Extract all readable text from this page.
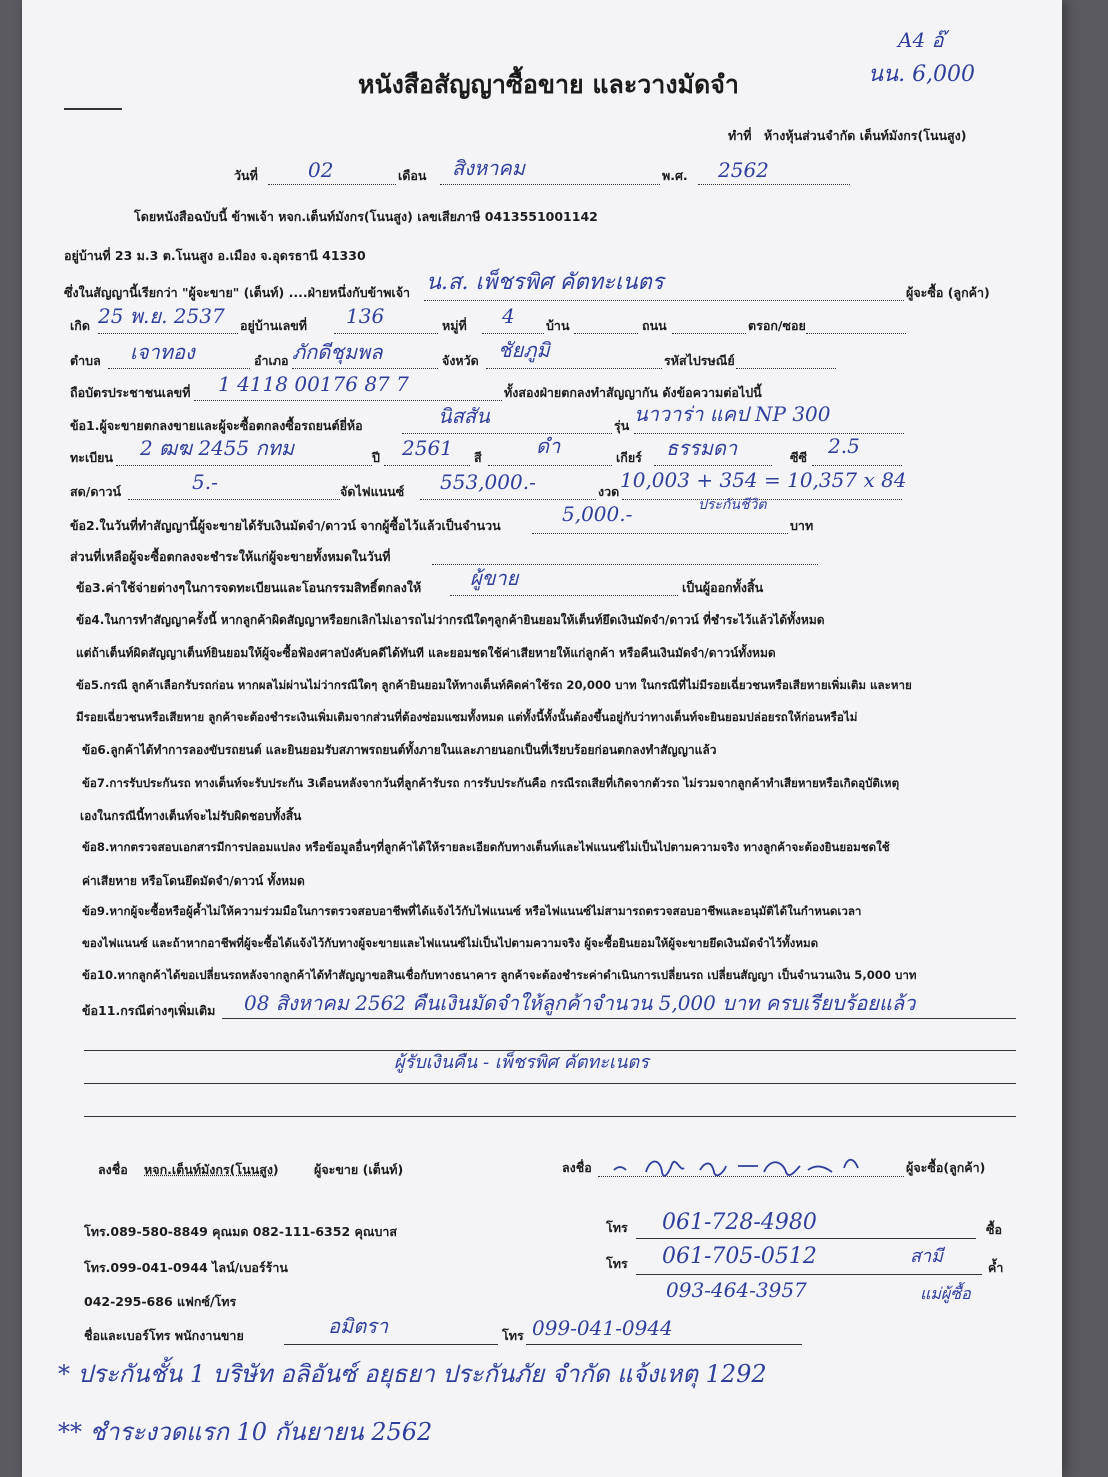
A4 อ๊
นน. 6,000
หนังสือสัญญาซื้อขาย และวางมัดจำ
ทำที่ ห้างหุ้นส่วนจำกัด เต็นท์มังกร(โนนสูง)
วันที่	02	เดือน สิงหาคม	พ.ศ. 2562
โดยหนังสือฉบับนี้ ข้าพเจ้า หจก.เต็นท์มังกร(โนนสูง) เลขเสียภาษี 0413551001142
อยู่บ้านที่ 23 ม.3 ต.โนนสูง อ.เมือง จ.อุดรธานี 41330
ซึ่งในสัญญานี้เรียกว่า "ผู้จะขาย" (เต็นท์) ....ฝ่ายหนึ่งกับข้าพเจ้า น.ส. เพ็ชรพิศ คัตทะเนตร	ผู้จะซื้อ (ลูกค้า)
เกิด 25 พ.ย. 2537 อยู่บ้านเลขที่ 136	หมู่ที่ 4	บ้าน	ถนน	ตรอก/ซอย
ตำบล เจาทอง	อำเภอ ภักดีชุมพล	จังหวัด ชัยภูมิ	รหัสไปรษณีย์
ถือบัตรประชาชนเลขที่ 1 4118 00176 87 7	ทั้งสองฝ่ายตกลงทำสัญญากัน ดังข้อความต่อไปนี้
ข้อ1.ผู้จะขายตกลงขายและผู้จะซื้อตกลงซื้อรถยนต์ยี่ห้อ	นิสสัน	รุ่น นาวาร่า แคป NP 300
ทะเบียน 2 ฒฆ 2455 กทม	ปี 2561 สี	ดำ	เกียร์ ธรรมดา	ซีซี 2.5
สด/ดาวน์	5.-	จัดไฟแนนซ์ 553,000.-	งวด 10,003 + 354 = 10,357 x 84
ประกันชีวิต
ข้อ2.ในวันที่ทำสัญญานี้ผู้จะขายได้รับเงินมัดจำ/ดาวน์ จากผู้ซื้อไว้แล้วเป็นจำนวน	5,000.-	บาท
ส่วนที่เหลือผู้จะซื้อตกลงจะชำระให้แก่ผู้จะขายทั้งหมดในวันที่
ข้อ3.ค่าใช้จ่ายต่างๆในการจดทะเบียนและโอนกรรมสิทธิ์ตกลงให้ ผู้ขาย	เป็นผู้ออกทั้งสิ้น
ข้อ4.ในการทำสัญญาครั้งนี้ หากลูกค้าผิดสัญญาหรือยกเลิกไม่เอารถไม่ว่ากรณีใดๆลูกค้ายินยอมให้เต็นท์ยึดเงินมัดจำ/ดาวน์ ที่ชำระไว้แล้วได้ทั้งหมด
แต่ถ้าเต็นท์ผิดสัญญาเต็นท์ยินยอมให้ผู้จะซื้อฟ้องศาลบังคับคดีได้ทันที และยอมชดใช้ค่าเสียหายให้แก่ลูกค้า หรือคืนเงินมัดจำ/ดาวน์ทั้งหมด
ข้อ5.กรณี ลูกค้าเลือกรับรถก่อน หากผลไม่ผ่านไม่ว่ากรณีใดๆ ลูกค้ายินยอมให้ทางเต็นท์คิดค่าใช้รถ 20,000 บาท ในกรณีที่ไม่มีรอยเฉี่ยวชนหรือเสียหายเพิ่มเติม และหาย
มีรอยเฉี่ยวชนหรือเสียหาย ลูกค้าจะต้องชำระเงินเพิ่มเติมจากส่วนที่ต้องซ่อมแซมทั้งหมด แต่ทั้งนี้ทั้งนั้นต้องขึ้นอยู่กับว่าทางเต็นท์จะยินยอมปล่อยรถให้ก่อนหรือไม่
ข้อ6.ลูกค้าได้ทำการลองขับรถยนต์ และยินยอมรับสภาพรถยนต์ทั้งภายในและภายนอกเป็นที่เรียบร้อยก่อนตกลงทำสัญญาแล้ว
ข้อ7.การรับประกันรถ ทางเต็นท์จะรับประกัน 3เดือนหลังจากวันที่ลูกค้ารับรถ การรับประกันคือ กรณีรถเสียที่เกิดจากตัวรถ ไม่รวมจากลูกค้าทำเสียหายหรือเกิดอุบัติเหตุ
เองในกรณีนี้ทางเต็นท์จะไม่รับผิดชอบทั้งสิ้น
ข้อ8.หากตรวจสอบเอกสารมีการปลอมแปลง หรือข้อมูลอื่นๆที่ลูกค้าได้ให้รายละเอียดกับทางเต็นท์และไฟแนนซ์ไม่เป็นไปตามความจริง ทางลูกค้าจะต้องยินยอมชดใช้
ค่าเสียหาย หรือโดนยึดมัดจำ/ดาวน์ ทั้งหมด
ข้อ9.หากผู้จะซื้อหรือผู้ค้ำไม่ให้ความร่วมมือในการตรวจสอบอาชีพที่ได้แจ้งไว้กับไฟแนนซ์ หรือไฟแนนซ์ไม่สามารถตรวจสอบอาชีพและอนุมัติได้ในกำหนดเวลา
ของไฟแนนซ์ และถ้าหากอาชีพที่ผู้จะซื้อได้แจ้งไว้กับทางผู้จะขายและไฟแนนซ์ไม่เป็นไปตามความจริง ผู้จะซื้อยินยอมให้ผู้จะขายยึดเงินมัดจำไว้ทั้งหมด
ข้อ10.หากลูกค้าได้ขอเปลี่ยนรถหลังจากลูกค้าได้ทำสัญญาขอสินเชื่อกับทางธนาคาร ลูกค้าจะต้องชำระค่าดำเนินการเปลี่ยนรถ เปลี่ยนสัญญา เป็นจำนวนเงิน 5,000 บาท
ข้อ11.กรณีต่างๆเพิ่มเติม 08 สิงหาคม 2562 คืนเงินมัดจำให้ลูกค้าจำนวน 5,000 บาท ครบเรียบร้อยแล้ว
ผู้รับเงินคืน - เพ็ชรพิศ คัตทะเนตร
ลงชื่อ หจก.เต็นท์มังกร(โนนสูง)	ผู้จะขาย (เต็นท์)	ลงชื่อ	ผู้จะซื้อ(ลูกค้า)
โทร.089-580-8849 คุณมด 082-111-6352 คุณบาส
โทร.099-041-0944 ไลน์/เบอร์ร้าน
042-295-686 แฟกซ์/โทร
โทร 061-728-4980	ซื้อ
โทร 061-705-0512	สามี
ค้ำ
093-464-3957	แม่ผู้ซื้อ
ชื่อและเบอร์โทร พนักงานขาย	อมิตรา	โทร 099-041-0944
* ประกันชั้น 1 บริษัท อลิอันซ์ อยุธยา ประกันภัย จำกัด แจ้งเหตุ 1292
** ชำระงวดแรก 10 กันยายน 2562
